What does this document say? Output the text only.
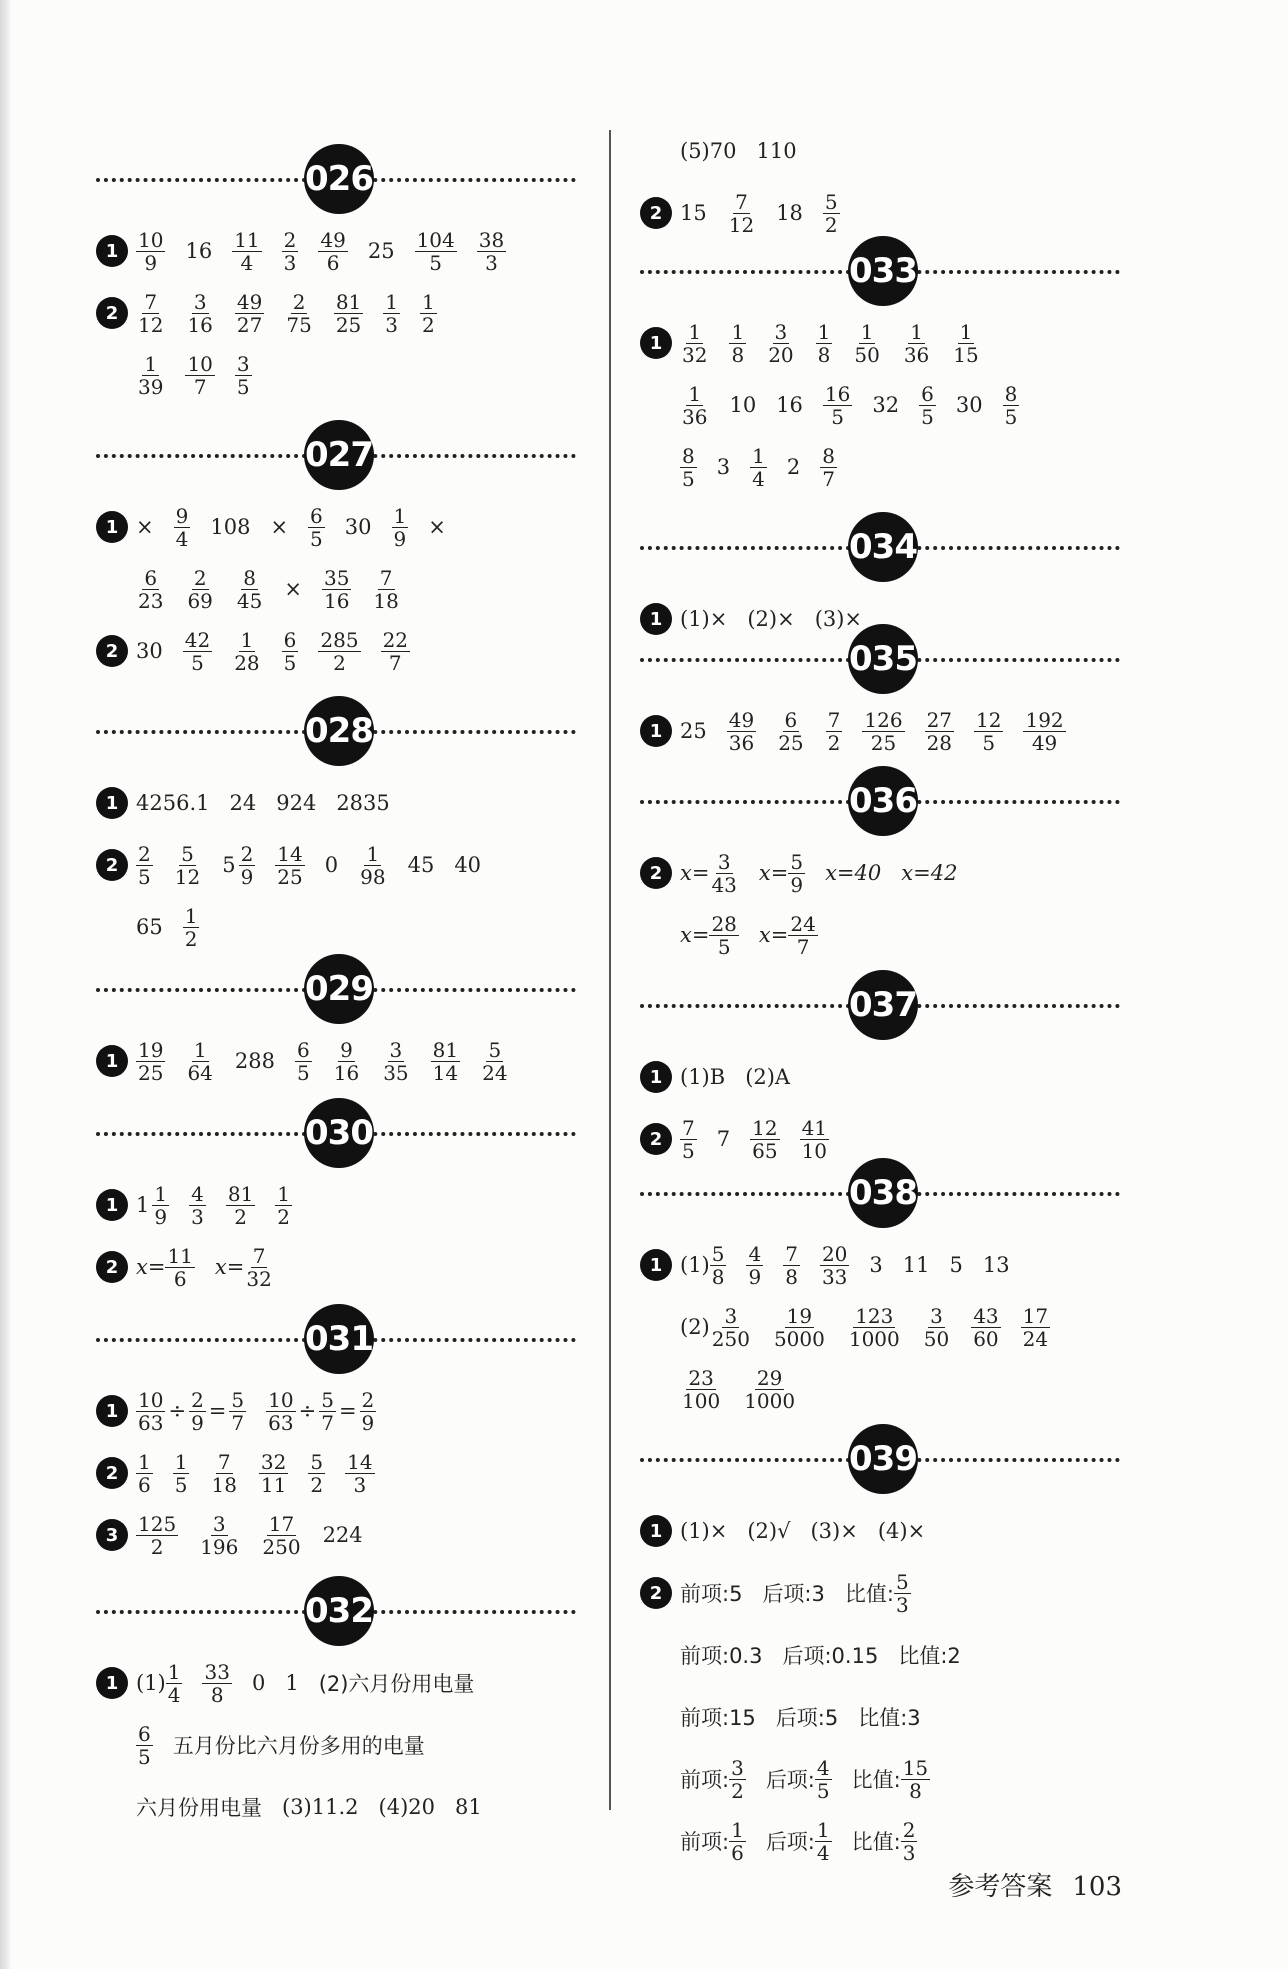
026
$1 \frac{10}{9} 16 \frac{11}{4} \frac{2}{3} \frac{49}{6} 25 \frac{104}{5} \frac{38}{3}$
$2 \frac{7}{12} \frac{3}{16} \frac{49}{27} \frac{2}{75} \frac{81}{25} \frac{1}{3} \frac{1}{2}$
$\frac{1}{39} \frac{10}{7} \frac{3}{5}$
027
$1 \times \frac{9}{4} 108 \times \frac{6}{5} 30 \frac{1}{9}$ ×
$\frac{6}{23} \frac{2}{69} \frac{8}{45} \times \frac{35}{16} \frac{7}{18}$
2 $30 \frac{42}{5} \frac{1}{28} \frac{6}{5} \frac{285}{2} \frac{22}{7}$
028
1 4256.1 24 924 2835
$2 \frac{2}{5} \frac{5}{12} 5 \frac{2}{9} \frac{14}{25} 0 \frac{1}{98} 45$ 40
$65 \frac{1}{2}$
029
$1 \frac{19}{25} \frac{1}{64} 288 \frac{6}{5} \frac{9}{16} \frac{3}{35} \frac{81}{14} \frac{5}{24}$
030
1 $1 \frac{1}{9} \frac{4}{3} \frac{81}{2} \frac{1}{2}$
2 $x= \frac{11}{6} x= \frac{7}{32}$
031
$1 \frac{10}{63} \div \frac{2}{9} = \frac{5}{7} \frac{10}{63} \div \frac{5}{7} = \frac{2}{9}$
$2 \frac{1}{6} \frac{1}{5} \frac{7}{18} \frac{32}{11} \frac{5}{2} \frac{14}{3}$
$3 \frac{125}{2} \frac{3}{196} \frac{17}{250} 224$
032
1 $(1) \frac{1}{4} \frac{33}{8} 0$ 1 (2)六月份用电量
$\frac{6}{5}$ 五月份比六月份多用的电量
六月份用电量 (3)11.2 (4)20 81
(5)70 110
2 $15 \frac{7}{12} 18 \frac{5}{2}$
033
$1 \frac{1}{32} \frac{1}{8} \frac{3}{20} \frac{1}{8} \frac{1}{50} \frac{1}{36} \frac{1}{15}$
$\frac{1}{36} 10$ $16 \frac{16}{5} 32 \frac{6}{5} 30 \frac{8}{5}$
$\frac{8}{5} 3 \frac{1}{4} 2 \frac{8}{7}$
034
1 (1)× (2)× (3)×
035
1 $25 \frac{49}{36} \frac{6}{25} \frac{7}{2} \frac{126}{25} \frac{27}{28} \frac{12}{5} \frac{192}{49}$
036
2 $x= \frac{3}{43} x= \frac{5}{9} x=40$ x=42
$x= \frac{28}{5} x= \frac{24}{7}$
037
1 (1)B (2)A
$2 \frac{7}{5} 7 \frac{12}{65} \frac{41}{10}$
038
1 $(1) \frac{5}{8} \frac{4}{9} \frac{7}{8} \frac{20}{33} 3$ 11 5 13
$(2) \frac{3}{250} \frac{19}{5000} \frac{123}{1000} \frac{3}{50} \frac{43}{60} \frac{17}{24}$
$\frac{23}{100} \frac{29}{1000}$
039
1 (1)× (2)√ (3)× (4)×
2 前项:5 后项:3 比值: $\frac{5}{3}$
前项:0.3 后项:0.15 比值:2
前项:15 后项:5 比值:3
前项: $\frac{3}{2}$ 后项: $\frac{4}{5}$ 比值: $\frac{15}{8}$
前项: $\frac{1}{6}$ 后项: $\frac{1}{4}$ 比值: $\frac{2}{3}$
参考答案 103
